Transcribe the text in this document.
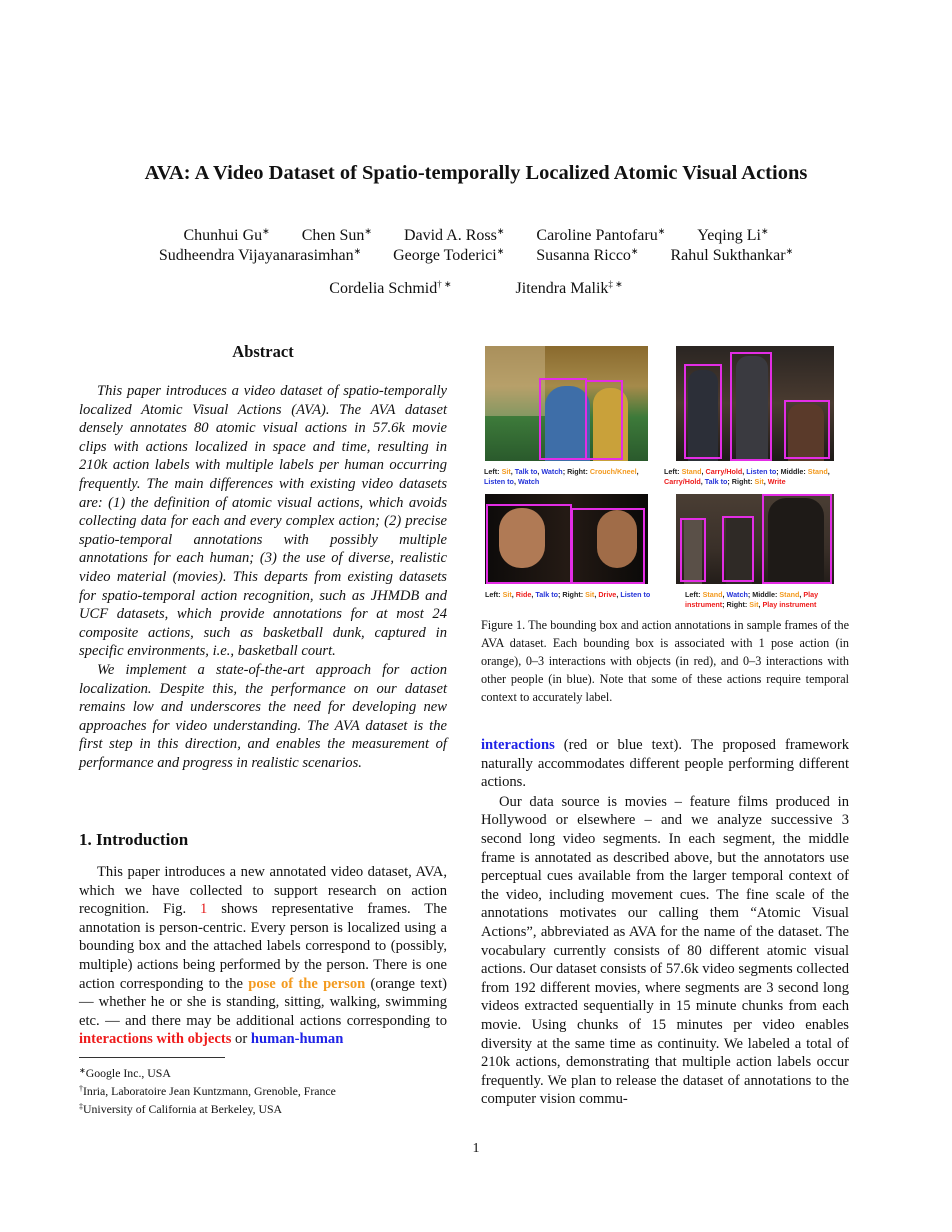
AVA: A Video Dataset of Spatio-temporally Localized Atomic Visual Actions
Chunhui Gu∗ Chen Sun∗ David A. Ross∗ Caroline Pantofaru∗ Yeqing Li∗
Sudheendra Vijayanarasimhan∗ George Toderici∗ Susanna Ricco∗ Rahul Sukthankar∗
Cordelia Schmid† ∗	Jitendra Malik‡ ∗
Abstract

This paper introduces a video dataset of spatio-temporally localized Atomic Visual Actions (AVA). The AVA dataset densely annotates 80 atomic visual actions in 57.6k movie clips with actions localized in space and time, resulting in 210k action labels with multiple labels per human occurring frequently. The main differences with existing video datasets are: (1) the definition of atomic visual actions, which avoids collecting data for each and every complex action; (2) precise spatio-temporal annotations with possibly multiple annotations for each human; (3) the use of diverse, realistic video material (movies). This departs from existing datasets for spatio-temporal action recognition, such as JHMDB and UCF datasets, which provide annotations for at most 24 composite actions, such as basketball dunk, captured in specific environments, i.e., basketball court.

We implement a state-of-the-art approach for action localization. Despite this, the performance on our dataset remains low and underscores the need for developing new approaches for video understanding. The AVA dataset is the first step in this direction, and enables the measurement of performance and progress in realistic scenarios.

1. Introduction

This paper introduces a new annotated video dataset, AVA, which we have collected to support research on action recognition. Fig. 1 shows representative frames. The annotation is person-centric. Every person is localized using a bounding box and the attached labels correspond to (possibly, multiple) actions being performed by the person. There is one action corresponding to the pose of the person (orange text) — whether he or she is standing, sitting, walking, swimming etc. — and there may be additional actions corresponding to interactions with objects or human-human

∗Google Inc., USA
†Inria, Laboratoire Jean Kuntzmann, Grenoble, France
‡University of California at Berkeley, USA
Left: Sit, Talk to, Watch; Right: Crouch/Kneel, Listen to, Watch
Left: Stand, Carry/Hold, Listen to; Middle: Stand, Carry/Hold, Talk to; Right: Sit, Write
Left: Sit, Ride, Talk to; Right: Sit, Drive, Listen to	Left: Stand, Watch; Middle: Stand, Play instrument; Right: Sit, Play instrument
Figure 1. The bounding box and action annotations in sample frames of the AVA dataset. Each bounding box is associated with 1 pose action (in orange), 0–3 interactions with objects (in red), and 0–3 interactions with other people (in blue). Note that some of these actions require temporal context to accurately label.

interactions (red or blue text). The proposed framework naturally accommodates different people performing different actions.

Our data source is movies – feature films produced in Hollywood or elsewhere – and we analyze successive 3 second long video segments. In each segment, the middle frame is annotated as described above, but the annotators use perceptual cues available from the larger temporal context of the video, including movement cues. The fine scale of the annotations motivates our calling them “Atomic Visual Actions”, abbreviated as AVA for the name of the dataset. The vocabulary currently consists of 80 different atomic visual actions. Our dataset consists of 57.6k video segments collected from 192 different movies, where segments are 3 second long videos extracted sequentially in 15 minute chunks from each movie. Using chunks of 15 minutes per video enables diversity at the same time as continuity. We labeled a total of 210k actions, demonstrating that multiple action labels occur frequently. We plan to release the dataset of annotations to the computer vision commu-

1
